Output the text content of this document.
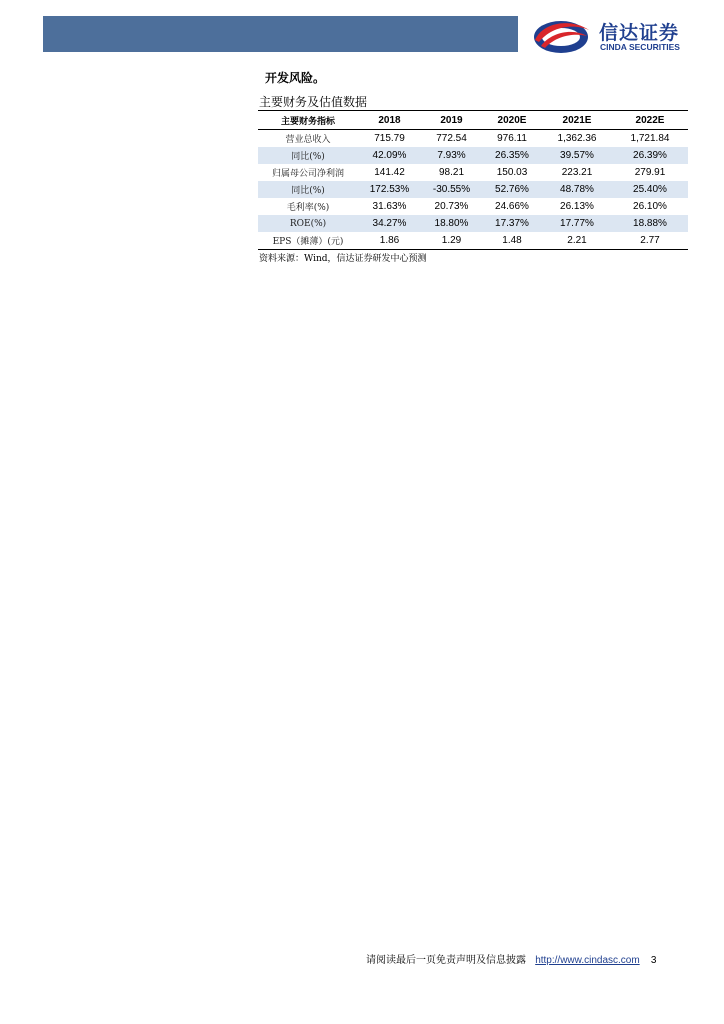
信达证券
CINDA SECURITIES
开发风险。
主要财务及估值数据
主要财务指标	2018	2019	2020E	2021E	2022E
营业总收入	715.79	772.54	976.11	1,362.36	1,721.84
同比(%)	42.09%	7.93%	26.35%	39.57%	26.39%
归属母公司净利润	141.42	98.21	150.03	223.21	279.91
同比(%)	172.53%	-30.55%	52.76%	48.78%	25.40%
毛利率(%)	31.63%	20.73%	24.66%	26.13%	26.10%
ROE(%)	34.27%	18.80%	17.37%	17.77%	18.88%
EPS（摊薄）(元)	1.86	1.29	1.48	2.21	2.77
资料来源：Wind，信达证券研发中心预测
请阅读最后一页免责声明及信息披露 http://www.cindasc.com 3
